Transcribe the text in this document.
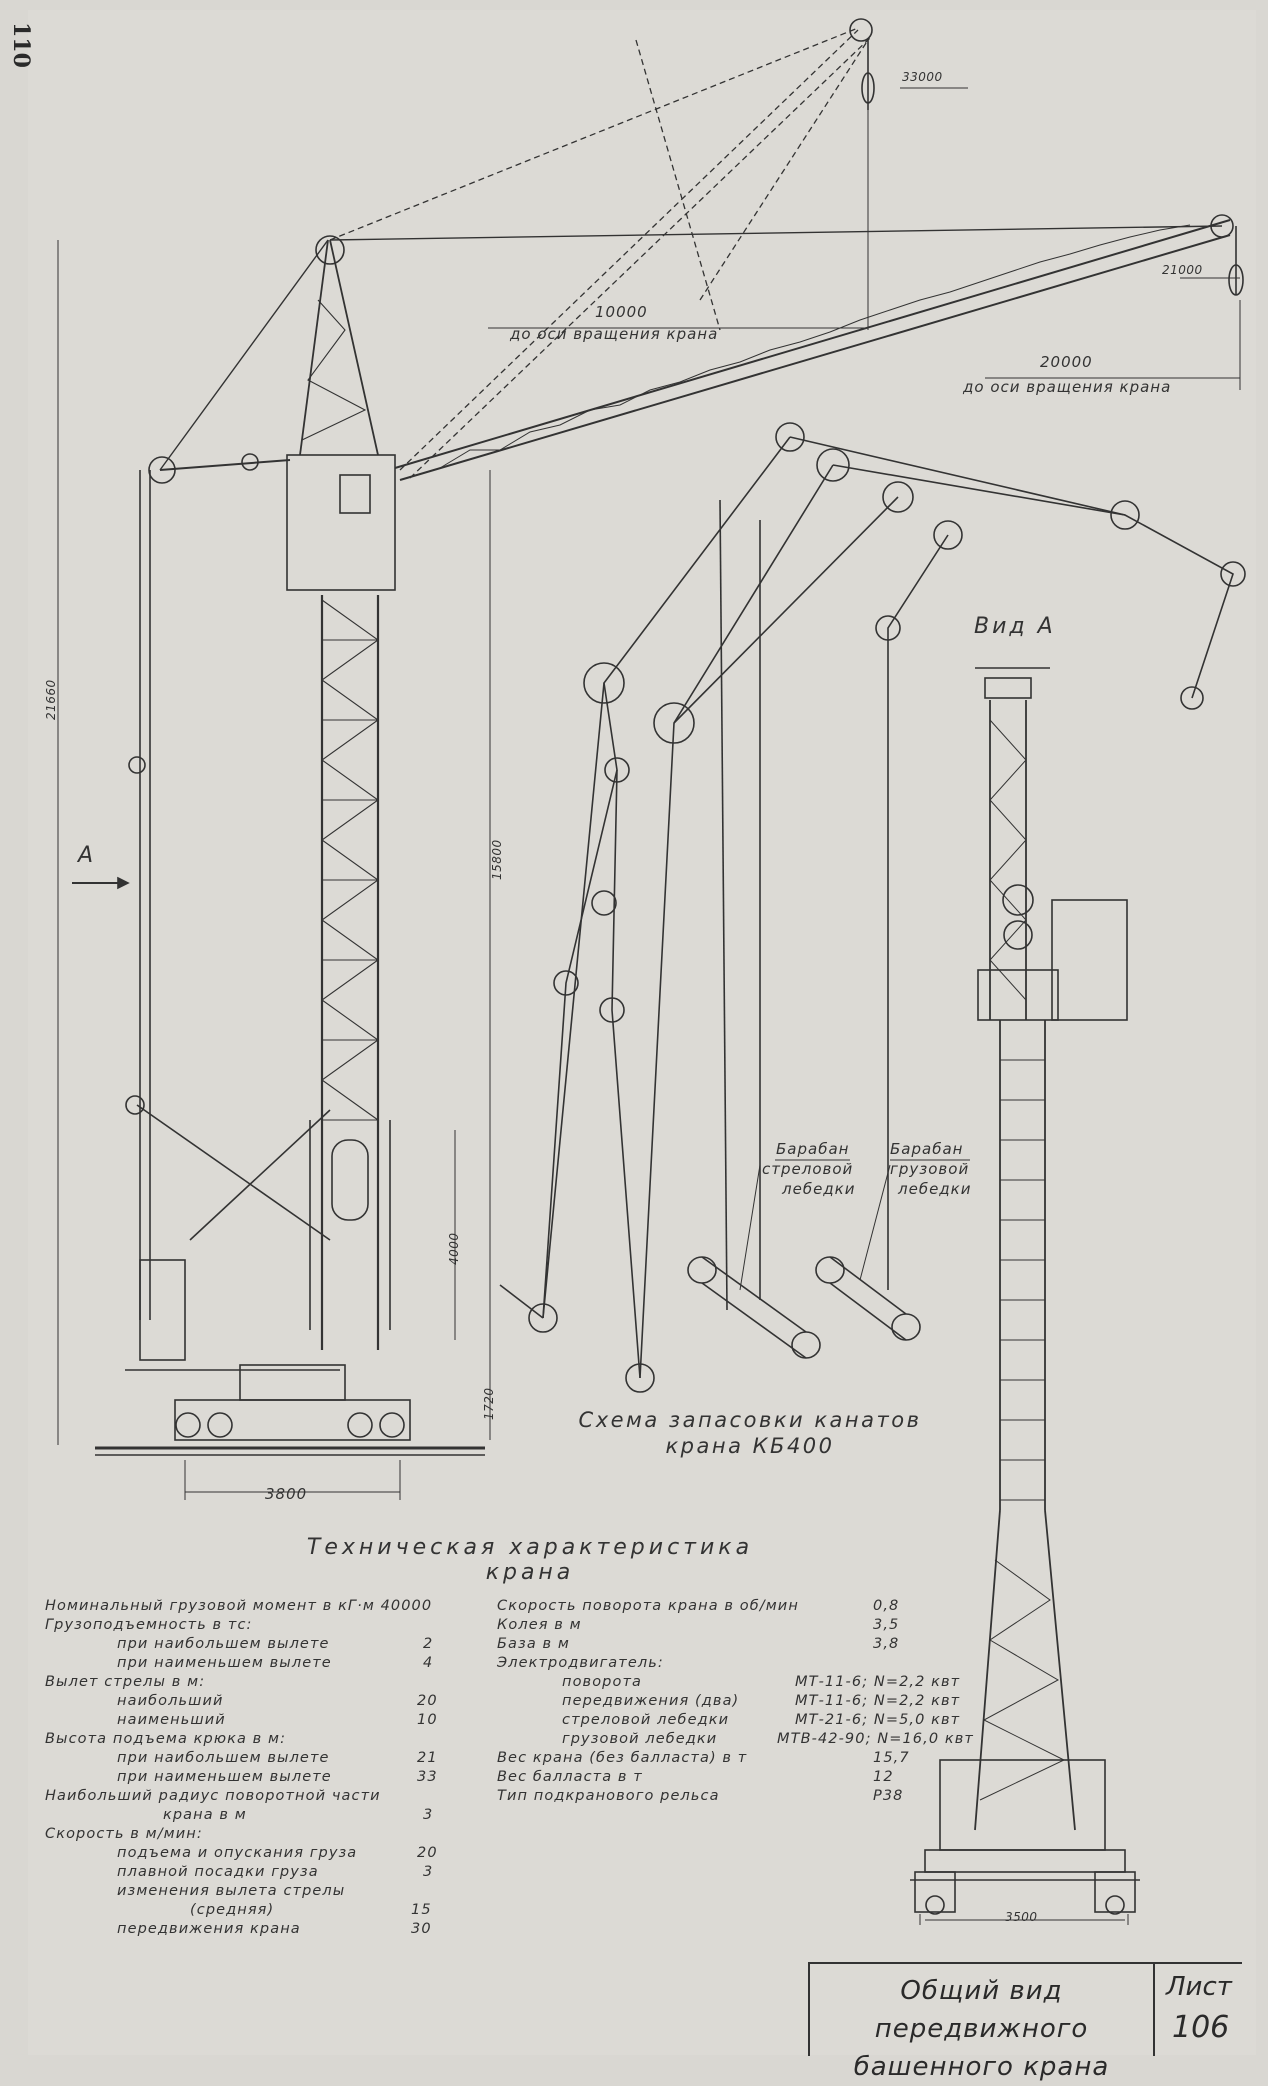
110
33000
21000
10000
до оси вращения крана
20000
до оси вращения крана
21660
15800
4000
1720
3800
3500
A
Вид А
Барабан
стреловой
лебедки
Барабан
грузовой
лебедки
Схема запасовки канатов
крана КБ400
Техническая характеристика
крана
Номинальный грузовой момент в кГ·м 40000
Грузоподъемность в тс:
при наибольшем вылете	2
при наименьшем вылете	4
Вылет стрелы в м:
наибольший	20
наименьший	10
Высота подъема крюка в м:
при наибольшем вылете	21
при наименьшем вылете	33
Наибольший радиус поворотной части
крана в м	3
Скорость в м/мин:
подъема и опускания груза	20
плавной посадки груза	3
изменения вылета стрелы
(средняя)	15
передвижения крана	30
Скорость поворота крана в об/мин	0,8
Колея в м	3,5
База в м	3,8
Электродвигатель:
поворота	МТ-11-6; N=2,2 квт
передвижения (два)	МТ-11-6; N=2,2 квт
стреловой лебедки	МТ-21-6; N=5,0 квт
грузовой лебедки	МТВ-42-90; N=16,0 квт
Вес крана (без балласта) в т	15,7
Вес балласта в т	12
Тип подкранового рельса	Р38
Общий вид передвижного
башенного крана
Лист
106
